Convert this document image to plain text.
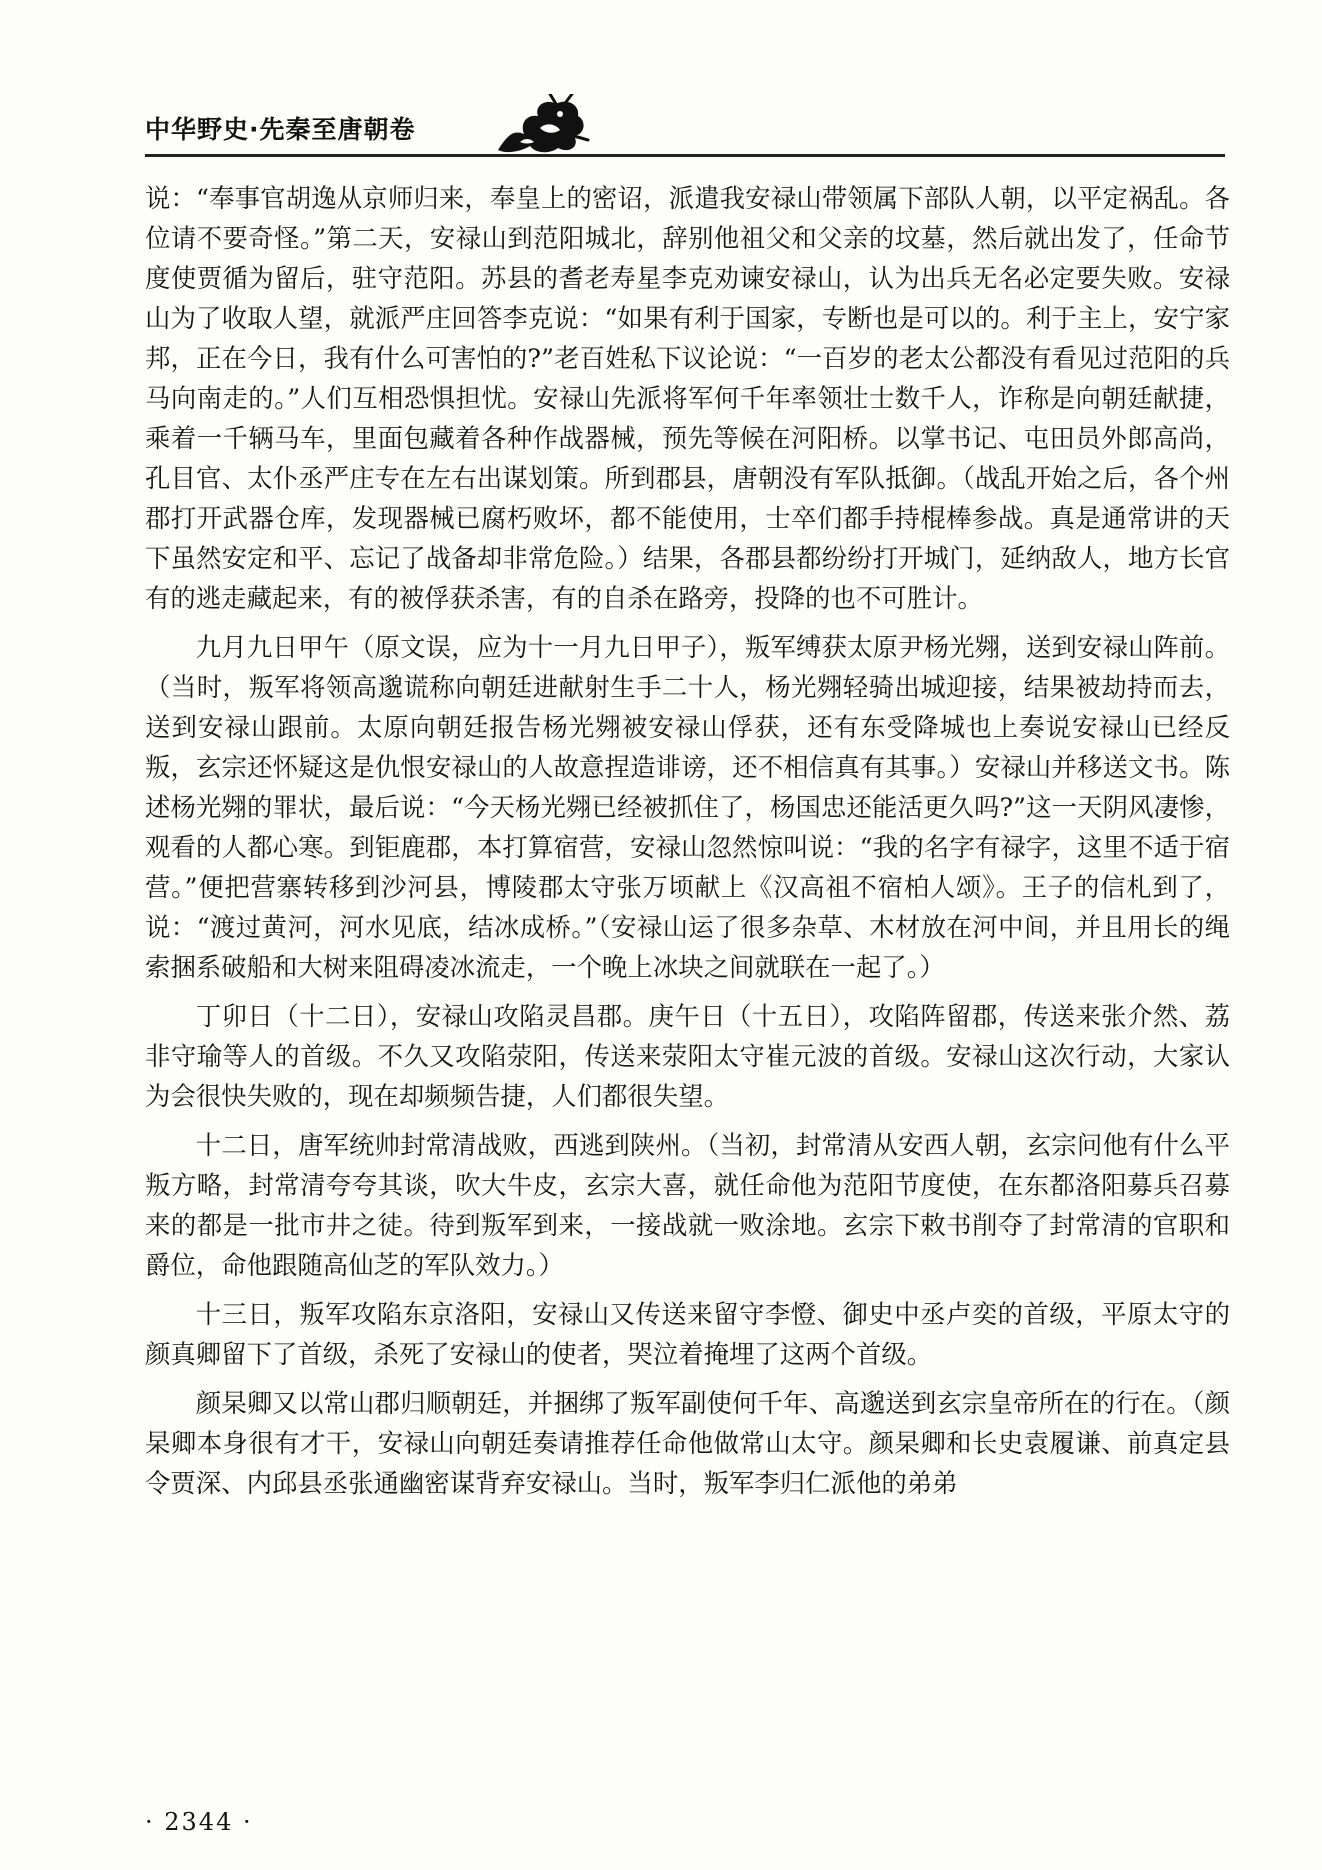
中华野史·先秦至唐朝卷

说：“奉事官胡逸从京师归来，奉皇上的密诏，派遣我安禄山带领属下部队人朝，以平定祸乱。各位请不要奇怪。”第二天，安禄山到范阳城北，辞别他祖父和父亲的坟墓，然后就出发了，任命节度使贾循为留后，驻守范阳。苏县的耆老寿星李克劝谏安禄山，认为出兵无名必定要失败。安禄山为了收取人望，就派严庄回答李克说：“如果有利于国家，专断也是可以的。利于主上，安宁家邦，正在今日，我有什么可害怕的?”老百姓私下议论说：“一百岁的老太公都没有看见过范阳的兵马向南走的。”人们互相恐惧担忧。安禄山先派将军何千年率领壮士数千人，诈称是向朝廷献捷，乘着一千辆马车，里面包藏着各种作战器械，预先等候在河阳桥。以掌书记、屯田员外郎高尚，孔目官、太仆丞严庄专在左右出谋划策。所到郡县，唐朝没有军队抵御。（战乱开始之后，各个州郡打开武器仓库，发现器械已腐朽败坏，都不能使用，士卒们都手持棍棒参战。真是通常讲的天下虽然安定和平、忘记了战备却非常危险。）结果，各郡县都纷纷打开城门，延纳敌人，地方长官有的逃走藏起来，有的被俘获杀害，有的自杀在路旁，投降的也不可胜计。

九月九日甲午（原文误，应为十一月九日甲子），叛军缚获太原尹杨光翙，送到安禄山阵前。（当时，叛军将领高邈谎称向朝廷进献射生手二十人，杨光翙轻骑出城迎接，结果被劫持而去，送到安禄山跟前。太原向朝廷报告杨光翙被安禄山俘获，还有东受降城也上奏说安禄山已经反叛，玄宗还怀疑这是仇恨安禄山的人故意捏造诽谤，还不相信真有其事。）安禄山并移送文书。陈述杨光翙的罪状，最后说：“今天杨光翙已经被抓住了，杨国忠还能活更久吗?”这一天阴风凄惨，观看的人都心寒。到钜鹿郡，本打算宿营，安禄山忽然惊叫说：“我的名字有禄字，这里不适于宿营。”便把营寨转移到沙河县，博陵郡太守张万顷献上《汉高祖不宿柏人颂》。王子的信札到了，说：“渡过黄河，河水见底，结冰成桥。”（安禄山运了很多杂草、木材放在河中间，并且用长的绳索捆系破船和大树来阻碍凌冰流走，一个晚上冰块之间就联在一起了。）

丁卯日（十二日），安禄山攻陷灵昌郡。庚午日（十五日），攻陷阵留郡，传送来张介然、荔非守瑜等人的首级。不久又攻陷荥阳，传送来荥阳太守崔元波的首级。安禄山这次行动，大家认为会很快失败的，现在却频频告捷，人们都很失望。

十二日，唐军统帅封常清战败，西逃到陕州。（当初，封常清从安西人朝，玄宗问他有什么平叛方略，封常清夸夸其谈，吹大牛皮，玄宗大喜，就任命他为范阳节度使，在东都洛阳募兵召募来的都是一批市井之徒。待到叛军到来，一接战就一败涂地。玄宗下敕书削夺了封常清的官职和爵位，命他跟随高仙芝的军队效力。）

十三日，叛军攻陷东京洛阳，安禄山又传送来留守李憕、御史中丞卢奕的首级，平原太守的颜真卿留下了首级，杀死了安禄山的使者，哭泣着掩埋了这两个首级。

颜杲卿又以常山郡归顺朝廷，并捆绑了叛军副使何千年、高邈送到玄宗皇帝所在的行在。（颜杲卿本身很有才干，安禄山向朝廷奏请推荐任命他做常山太守。颜杲卿和长史袁履谦、前真定县令贾深、内邱县丞张通幽密谋背弃安禄山。当时，叛军李归仁派他的弟弟

· 2344 ·
